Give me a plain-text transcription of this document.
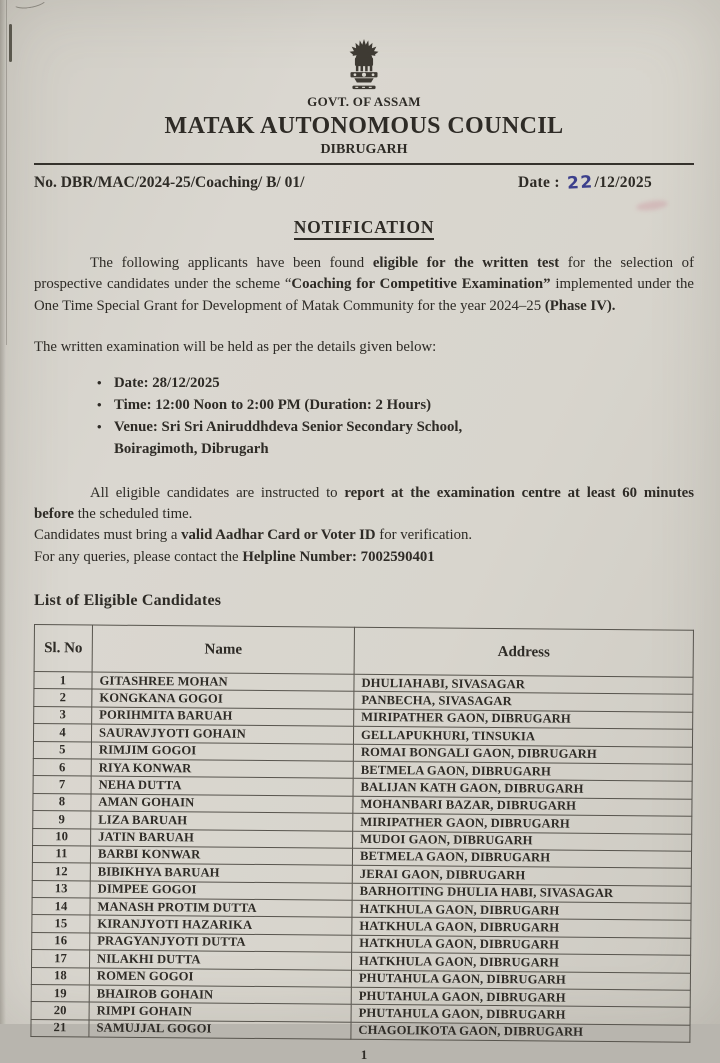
GOVT. OF ASSAM
MATAK AUTONOMOUS COUNCIL
DIBRUGARH
No. DBR/MAC/2024-25/Coaching/ B/ 01/	Date : 22/12/2025
NOTIFICATION

The following applicants have been found eligible for the written test for the selection of prospective candidates under the scheme “Coaching for Competitive Examination” implemented under the One Time Special Grant for Development of Matak Community for the year 2024–25 (Phase IV).

The written examination will be held as per the details given below:

• Date: 28/12/2025
• Time: 12:00 Noon to 2:00 PM (Duration: 2 Hours)
• Venue: Sri Sri Aniruddhdeva Senior Secondary School,
Boiragimoth, Dibrugarh

All eligible candidates are instructed to report at the examination centre at least 60 minutes before the scheduled time.

Candidates must bring a valid Aadhar Card or Voter ID for verification.

For any queries, please contact the Helpline Number: 7002590401

List of Eligible Candidates
Sl. No	Name	Address
1	GITASHREE MOHAN	DHULIAHABI, SIVASAGAR
2	KONGKANA GOGOI	PANBECHA, SIVASAGAR
3	PORIHMITA BARUAH	MIRIPATHER GAON, DIBRUGARH
4	SAURAVJYOTI GOHAIN	GELLAPUKHURI, TINSUKIA
5	RIMJIM GOGOI	ROMAI BONGALI GAON, DIBRUGARH
6	RIYA KONWAR	BETMELA GAON, DIBRUGARH
7	NEHA DUTTA	BALIJAN KATH GAON, DIBRUGARH
8	AMAN GOHAIN	MOHANBARI BAZAR, DIBRUGARH
9	LIZA BARUAH	MIRIPATHER GAON, DIBRUGARH
10	JATIN BARUAH	MUDOI GAON, DIBRUGARH
11	BARBI KONWAR	BETMELA GAON, DIBRUGARH
12	BIBIKHYA BARUAH	JERAI GAON, DIBRUGARH
13	DIMPEE GOGOI	BARHOITING DHULIA HABI, SIVASAGAR
14	MANASH PROTIM DUTTA	HATKHULA GAON, DIBRUGARH
15	KIRANJYOTI HAZARIKA	HATKHULA GAON, DIBRUGARH
16	PRAGYANJYOTI DUTTA	HATKHULA GAON, DIBRUGARH
17	NILAKHI DUTTA	HATKHULA GAON, DIBRUGARH
18	ROMEN GOGOI	PHUTAHULA GAON, DIBRUGARH
19	BHAIROB GOHAIN	PHUTAHULA GAON, DIBRUGARH
20	RIMPI GOHAIN	PHUTAHULA GAON, DIBRUGARH
21	SAMUJJAL GOGOI	CHAGOLIKOTA GAON, DIBRUGARH
1
